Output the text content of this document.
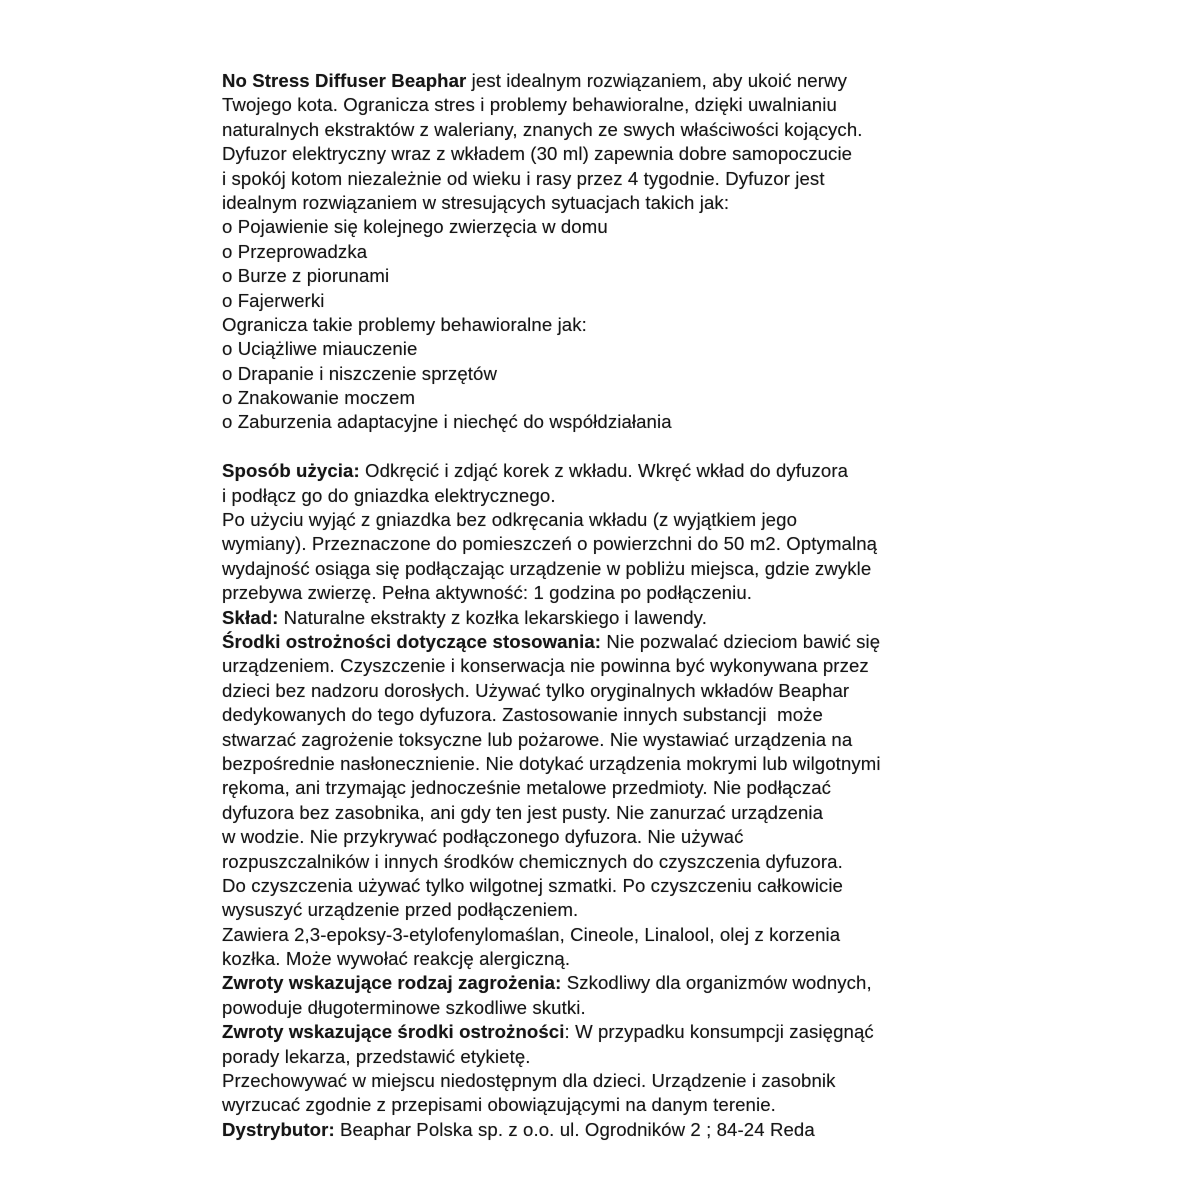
No Stress Diffuser Beaphar jest idealnym rozwiązaniem, aby ukoić nerwy
Twojego kota. Ogranicza stres i problemy behawioralne, dzięki uwalnianiu
naturalnych ekstraktów z waleriany, znanych ze swych właściwości kojących.
Dyfuzor elektryczny wraz z wkładem (30 ml) zapewnia dobre samopoczucie
i spokój kotom niezależnie od wieku i rasy przez 4 tygodnie. Dyfuzor jest
idealnym rozwiązaniem w stresujących sytuacjach takich jak:
o Pojawienie się kolejnego zwierzęcia w domu
o Przeprowadzka
o Burze z piorunami
o Fajerwerki
Ogranicza takie problemy behawioralne jak:
o Uciążliwe miauczenie
o Drapanie i niszczenie sprzętów
o Znakowanie moczem
o Zaburzenia adaptacyjne i niechęć do współdziałania
Sposób użycia: Odkręcić i zdjąć korek z wkładu. Wkręć wkład do dyfuzora
i podłącz go do gniazdka elektrycznego.
Po użyciu wyjąć z gniazdka bez odkręcania wkładu (z wyjątkiem jego
wymiany). Przeznaczone do pomieszczeń o powierzchni do 50 m2. Optymalną
wydajność osiąga się podłączając urządzenie w pobliżu miejsca, gdzie zwykle
przebywa zwierzę. Pełna aktywność: 1 godzina po podłączeniu.
Skład: Naturalne ekstrakty z kozłka lekarskiego i lawendy.
Środki ostrożności dotyczące stosowania: Nie pozwalać dzieciom bawić się
urządzeniem. Czyszczenie i konserwacja nie powinna być wykonywana przez
dzieci bez nadzoru dorosłych. Używać tylko oryginalnych wkładów Beaphar
dedykowanych do tego dyfuzora. Zastosowanie innych substancji  może
stwarzać zagrożenie toksyczne lub pożarowe. Nie wystawiać urządzenia na
bezpośrednie nasłonecznienie. Nie dotykać urządzenia mokrymi lub wilgotnymi
rękoma, ani trzymając jednocześnie metalowe przedmioty. Nie podłączać
dyfuzora bez zasobnika, ani gdy ten jest pusty. Nie zanurzać urządzenia
w wodzie. Nie przykrywać podłączonego dyfuzora. Nie używać
rozpuszczalników i innych środków chemicznych do czyszczenia dyfuzora.
Do czyszczenia używać tylko wilgotnej szmatki. Po czyszczeniu całkowicie
wysuszyć urządzenie przed podłączeniem.
Zawiera 2,3-epoksy-3-etylofenylomaślan, Cineole, Linalool, olej z korzenia
kozłka. Może wywołać reakcję alergiczną.
Zwroty wskazujące rodzaj zagrożenia: Szkodliwy dla organizmów wodnych,
powoduje długoterminowe szkodliwe skutki.
Zwroty wskazujące środki ostrożności: W przypadku konsumpcji zasięgnąć
porady lekarza, przedstawić etykietę.
Przechowywać w miejscu niedostępnym dla dzieci. Urządzenie i zasobnik
wyrzucać zgodnie z przepisami obowiązującymi na danym terenie.
Dystrybutor: Beaphar Polska sp. z o.o. ul. Ogrodników 2 ; 84-24 Reda
